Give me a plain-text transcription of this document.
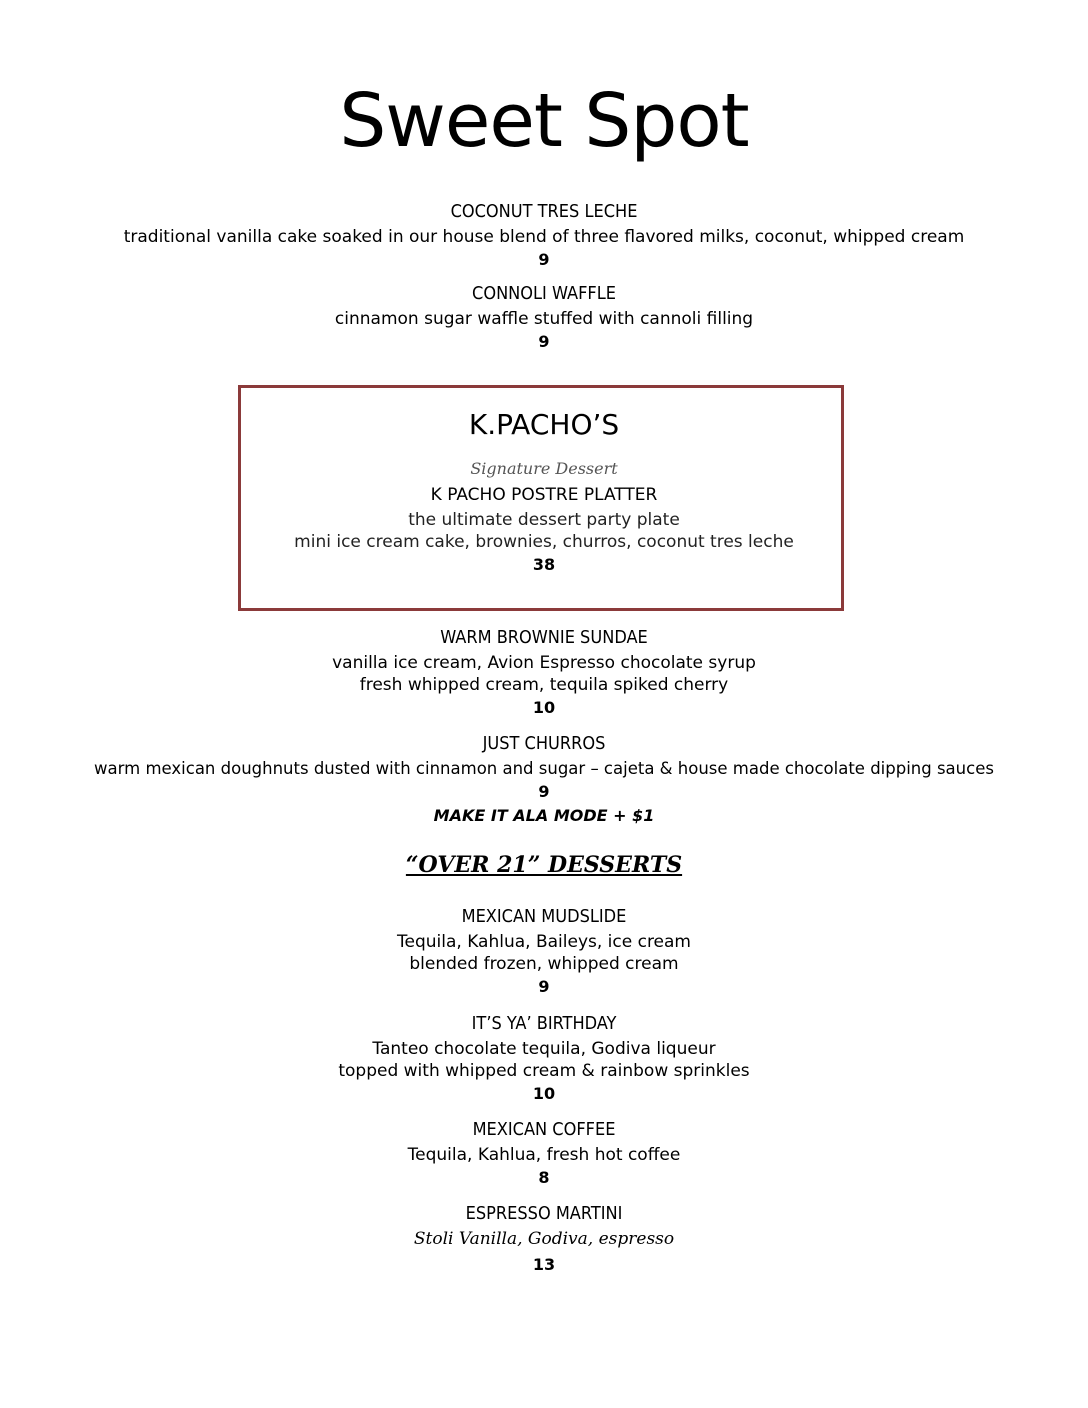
Sweet Spot
COCONUT TRES LECHE
traditional vanilla cake soaked in our house blend of three flavored milks, coconut, whipped cream
9
CONNOLI WAFFLE
cinnamon sugar waffle stuffed with cannoli filling
9
K.PACHO’S
Signature Dessert
K PACHO POSTRE PLATTER
the ultimate dessert party plate
mini ice cream cake, brownies, churros, coconut tres leche
38
WARM BROWNIE SUNDAE
vanilla ice cream, Avion Espresso chocolate syrup
fresh whipped cream, tequila spiked cherry
10
JUST CHURROS
warm mexican doughnuts dusted with cinnamon and sugar – cajeta & house made chocolate dipping sauces
9
MAKE IT ALA MODE + $1
“OVER 21” DESSERTS
MEXICAN MUDSLIDE
Tequila, Kahlua, Baileys, ice cream
blended frozen, whipped cream
9
IT’S YA’ BIRTHDAY
Tanteo chocolate tequila, Godiva liqueur
topped with whipped cream & rainbow sprinkles
10
MEXICAN COFFEE
Tequila, Kahlua, fresh hot coffee
8
ESPRESSO MARTINI
Stoli Vanilla, Godiva, espresso
13
